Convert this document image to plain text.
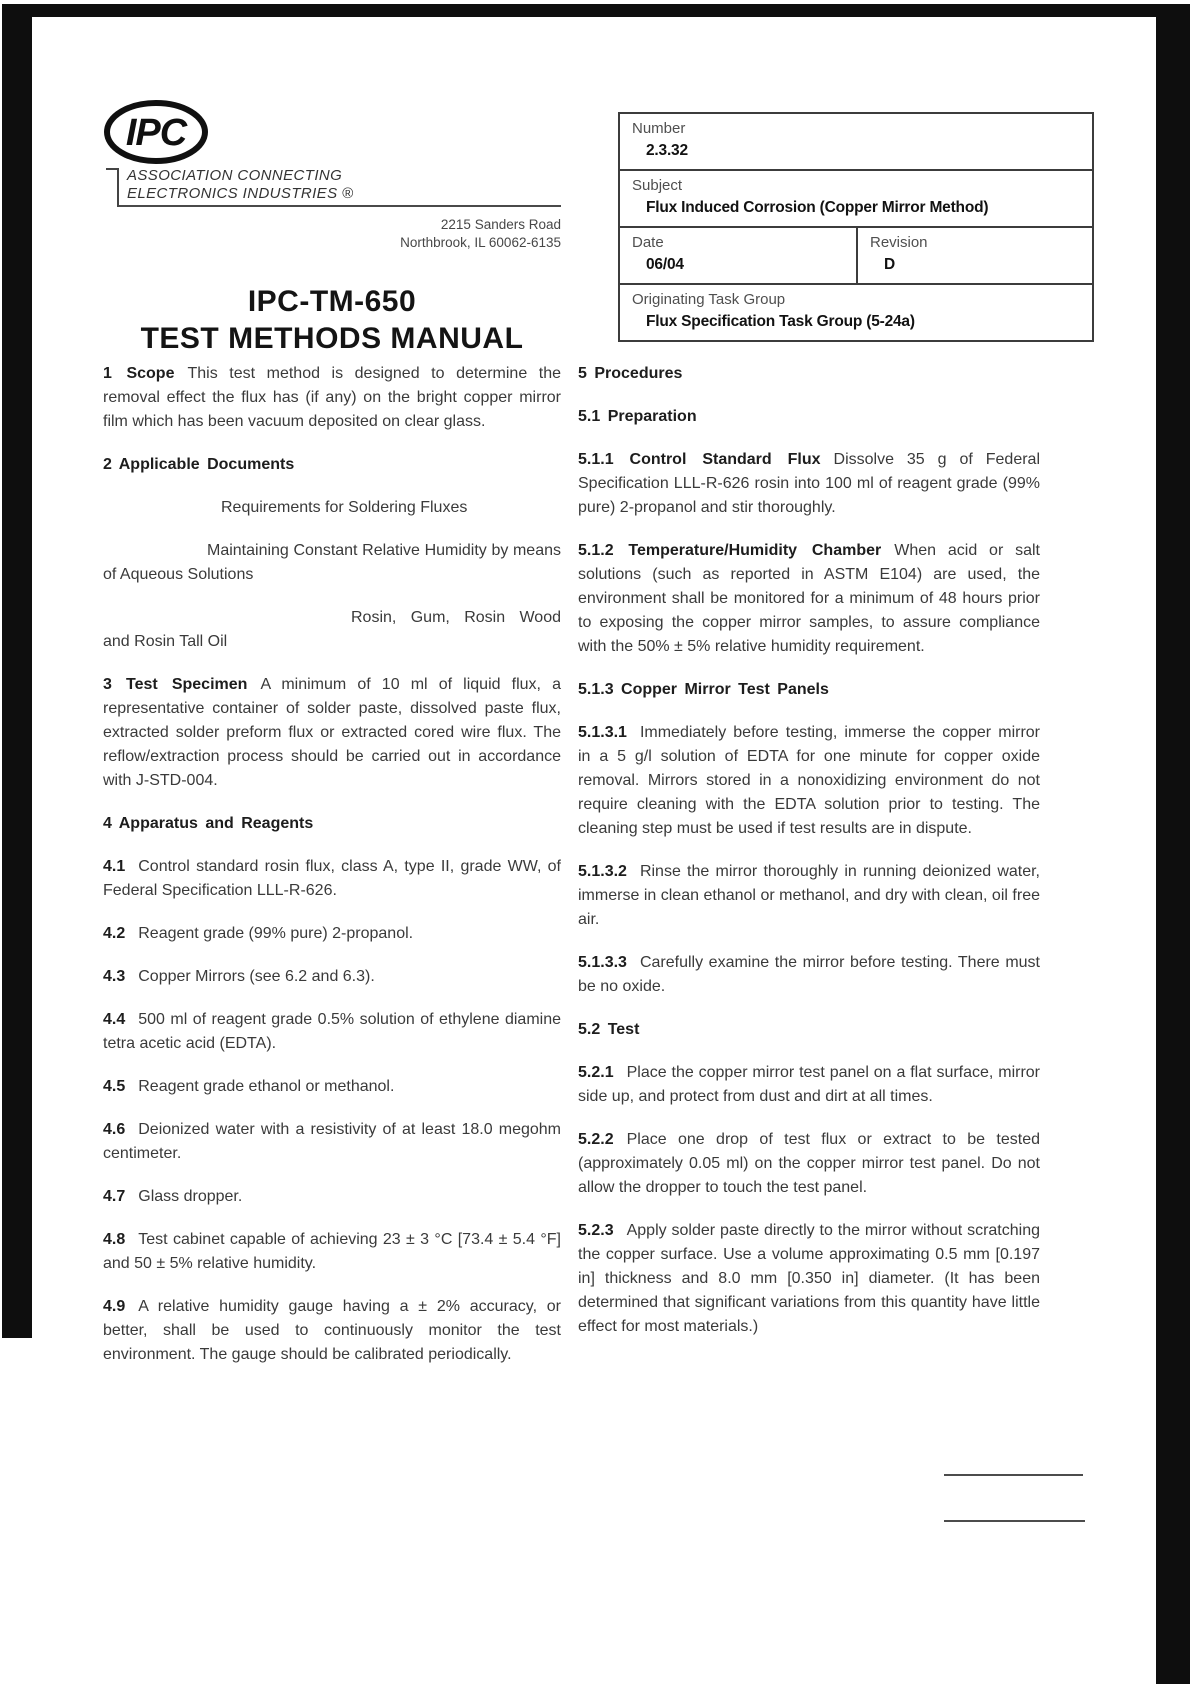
IPC
ASSOCIATION CONNECTING
ELECTRONICS INDUSTRIES ®
2215 Sanders Road
Northbrook, IL 60062-6135
IPC-TM-650
TEST METHODS MANUAL
Number
2.3.32
Subject
Flux Induced Corrosion (Copper Mirror Method)
Date
06/04
Revision
D
Originating Task Group
Flux Specification Task Group (5-24a)

1 Scope This test method is designed to determine the removal effect the flux has (if any) on the bright copper mirror film which has been vacuum deposited on clear glass.

2 Applicable Documents

Requirements for Soldering Fluxes

Maintaining Constant Relative Humidity by means of Aqueous Solutions

Rosin, Gum, Rosin Wood and Rosin Tall Oil

3 Test Specimen A minimum of 10 ml of liquid flux, a representative container of solder paste, dissolved paste flux, extracted solder preform flux or extracted cored wire flux. The reflow/extraction process should be carried out in accordance with J-STD-004.

4 Apparatus and Reagents

4.1 Control standard rosin flux, class A, type II, grade WW, of Federal Specification LLL-R-626.

4.2 Reagent grade (99% pure) 2-propanol.

4.3 Copper Mirrors (see 6.2 and 6.3).

4.4 500 ml of reagent grade 0.5% solution of ethylene diamine tetra acetic acid (EDTA).

4.5 Reagent grade ethanol or methanol.

4.6 Deionized water with a resistivity of at least 18.0 megohm centimeter.

4.7 Glass dropper.

4.8 Test cabinet capable of achieving 23 ± 3 °C [73.4 ± 5.4 °F] and 50 ± 5% relative humidity.

4.9 A relative humidity gauge having a ± 2% accuracy, or better, shall be used to continuously monitor the test environment. The gauge should be calibrated periodically.

5 Procedures

5.1 Preparation

5.1.1 Control Standard Flux Dissolve 35 g of Federal Specification LLL-R-626 rosin into 100 ml of reagent grade (99% pure) 2-propanol and stir thoroughly.

5.1.2 Temperature/Humidity Chamber When acid or salt solutions (such as reported in ASTM E104) are used, the environment shall be monitored for a minimum of 48 hours prior to exposing the copper mirror samples, to assure compliance with the 50% ± 5% relative humidity requirement.

5.1.3 Copper Mirror Test Panels

5.1.3.1 Immediately before testing, immerse the copper mirror in a 5 g/l solution of EDTA for one minute for copper oxide removal. Mirrors stored in a nonoxidizing environment do not require cleaning with the EDTA solution prior to testing. The cleaning step must be used if test results are in dispute.

5.1.3.2 Rinse the mirror thoroughly in running deionized water, immerse in clean ethanol or methanol, and dry with clean, oil free air.

5.1.3.3 Carefully examine the mirror before testing. There must be no oxide.

5.2 Test

5.2.1 Place the copper mirror test panel on a flat surface, mirror side up, and protect from dust and dirt at all times.

5.2.2 Place one drop of test flux or extract to be tested (approximately 0.05 ml) on the copper mirror test panel. Do not allow the dropper to touch the test panel.

5.2.3 Apply solder paste directly to the mirror without scratching the copper surface. Use a volume approximating 0.5 mm [0.197 in] thickness and 8.0 mm [0.350 in] diameter. (It has been determined that significant variations from this quantity have little effect for most materials.)
